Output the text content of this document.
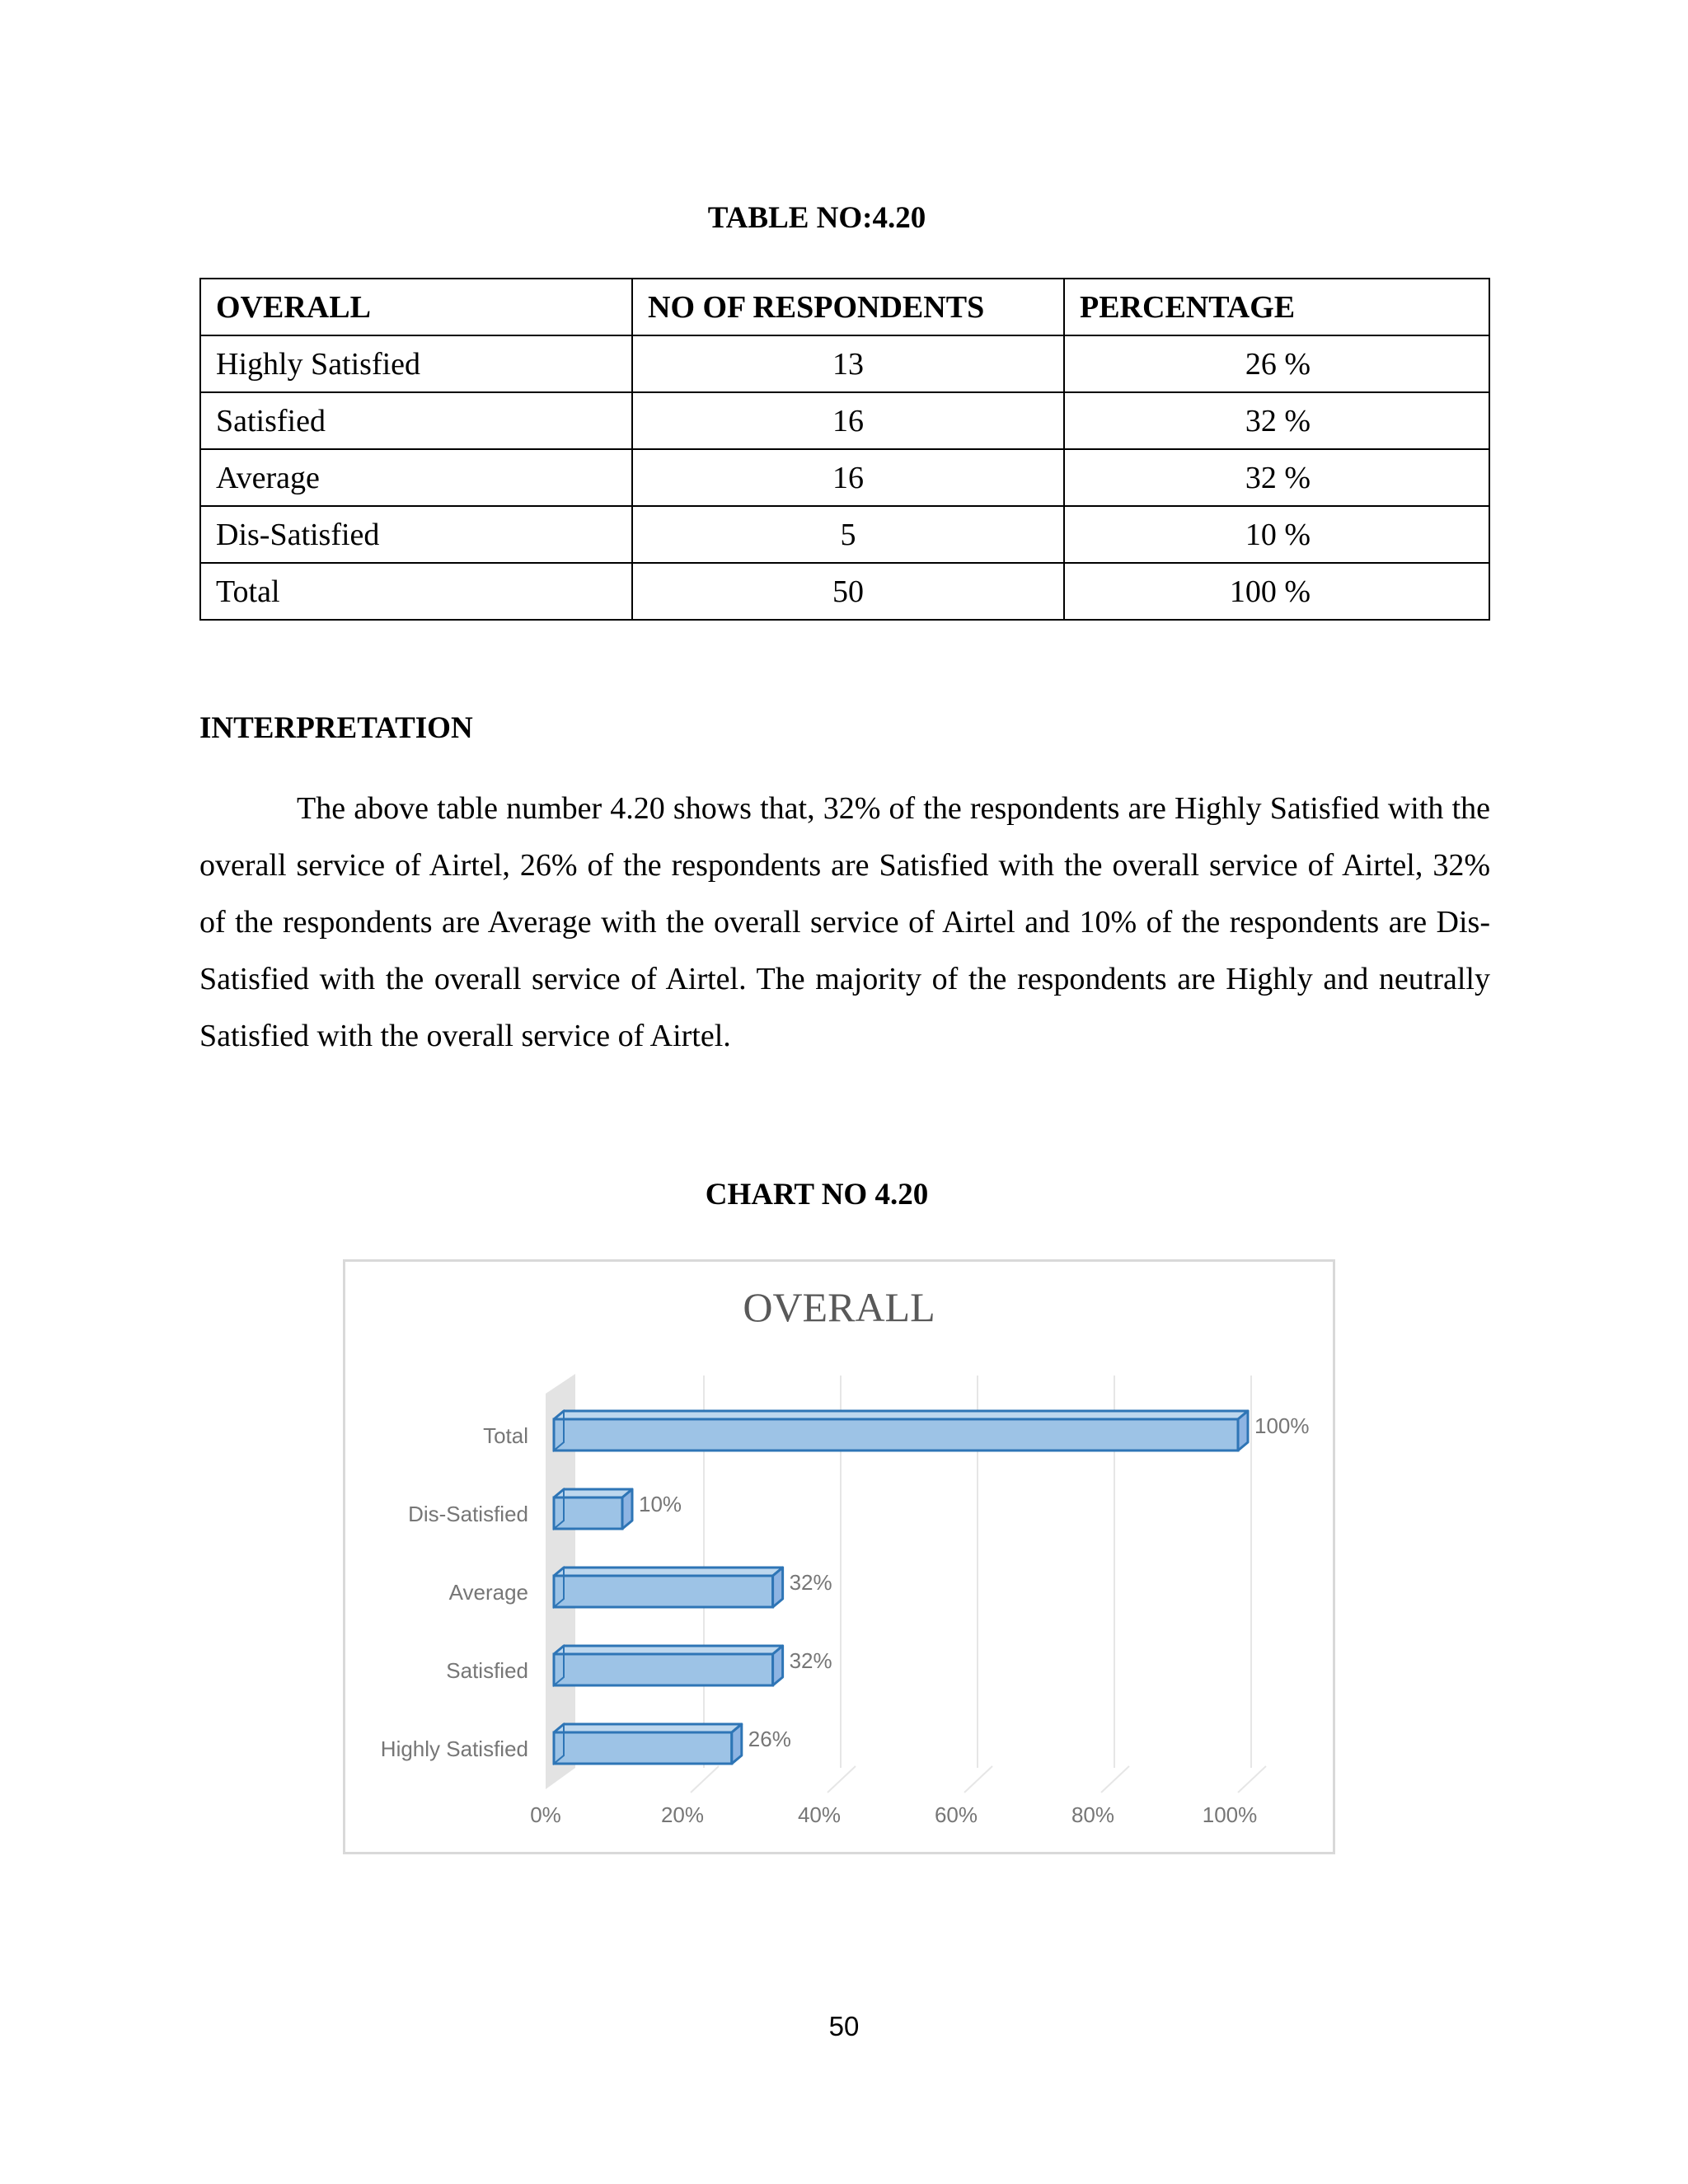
TABLE NO:4.20
OVERALL	NO OF RESPONDENTS	PERCENTAGE
Highly Satisfied	13	26 %
Satisfied	16	32 %
Average	16	32 %
Dis-Satisfied	5	10 %
Total	50	100 %
INTERPRETATION

The above table number 4.20 shows that, 32% of the respondents are Highly Satisfied with the overall service of Airtel, 26% of the respondents are Satisfied with the overall service of Airtel, 32% of the respondents are Average with the overall service of Airtel and 10% of the respondents are Dis-Satisfied with the overall service of Airtel. The majority of the respondents are Highly and neutrally Satisfied with the overall service of Airtel.

CHART NO 4.20
OVERALL
0%	20%	40%	60%	80%	100%
Highly Satisfied	26%
Satisfied	32%
Average	32%
Dis-Satisfied	10%
Total	100%
50
